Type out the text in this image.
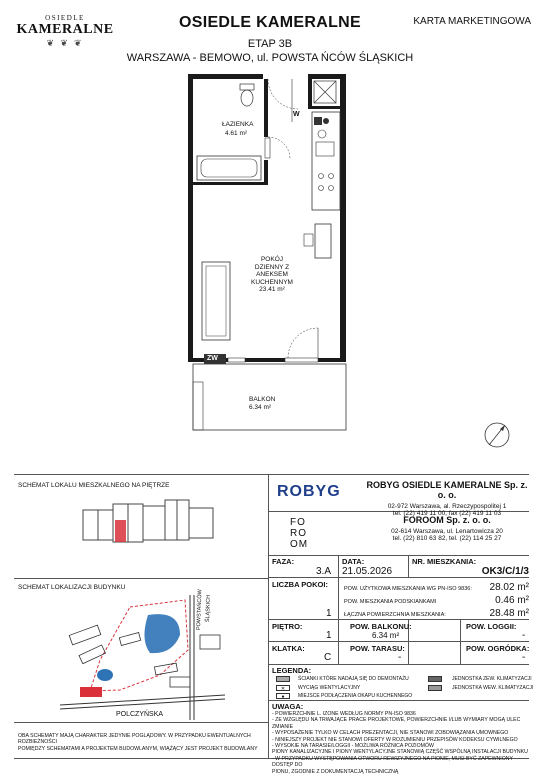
OSIEDLE
KAMERALNE
❦ ❦ ❦
OSIEDLE KAMERALNE
ETAP 3B
WARSZAWA - BEMOWO, ul. POWSTA ŃCÓW ŚLĄSKICH
KARTA MARKETINGOWA
ŁAZIENKA
4.61 m²
POKÓJ DZIENNY Z
ANEKSEM
KUCHENNYM
23.41 m²
BALKON
6.34 m²
W
ZW
SCHEMAT LOKALU MIESZKALNEGO NA PIĘTRZE
SCHEMAT LOKALIZACJI BUDYNKU
POLCZYŃSKA
POWSTAŃCÓW ŚLĄSKICH
OBA SCHEMATY MAJĄ CHARAKTER JEDYNIE POGLĄDOWY. W PRZYPADKU EWENTUALNYCH ROZBIEŻNOŚCI
POMIĘDZY SCHEMATAMI A PROJEKTEM BUDOWLANYM, WIĄŻĄCY JEST PROJEKT BUDOWLANY
ROBYG	ROBYG OSIEDLE KAMERALNE Sp. z. o. o.
02-972 Warszawa, al. Rzeczypospolitej 1
tel. (22) 419 11 00, fax (22) 419 11 03
FO
RO
OM
FOROOM Sp. z. o. o.
02-614 Warszawa, ul. Lenartowicza 20
tel. (22) 810 63 82, tel. (22) 114 25 27
FAZA:
3.A
DATA:
21.05.2026
NR. MIESZKANIA:
OK3/C/1/3
LICZBA POKOI:
1
POW. UŻYTKOWA MIESZKANIA WG PN-ISO 9836: 28.02 m²
POW. MIESZKANIA PODSKIANKAMI	0.46 m²
ŁĄCZNA POWIERZCHNIA MIESZKANIA:	28.48 m²
PIĘTRO:
1
POW. BALKONU:
6.34 m²
POW. LOGGII:
-
KLATKA:
C
POW. TARASU:
-
POW. OGRÓDKA:
-
LEGENDA:
ŚCIANKI KTÓRE NADAJĄ SIĘ DO DEMONTAŻU
✕	WYCIĄG WENTYLACYJNY
●	MIEJSCE PODŁĄCZENIA OKAPU KUCHENNEGO
JEDNOSTKA ZEW. KLIMATYZACJI
JEDNOSTKA WEW. KLIMATYZACJI
UWAGA:
- POWIERZCHNIE L. IZONE WEDŁUG NORMY PN-ISO 9836
- ZE WZGLĘDU NA TRWAJĄCE PRACE PROJEKTOWE, POWIERZCHNIE I/LUB WYMIARY MOGĄ ULEC ZMIANIE
- WYPOSAŻENIE TYLKO W CELACH PREZENTACJI, NIE STANOWI ZOBOWIĄZANIA UMOWNEGO
- NINIEJSZY PROJEKT NIE STANOWI OFERTY W ROZUMIENIU PRZEPISÓW KODEKSU CYWILNEGO
- WYSOKIE NA TARASIE/LOGGII - MOŻLIWA RÓŻNICA POZIOMÓW
PIONY KANALIZACYJNE I PIONY WENTYLACYJNE STANOWIĄ CZĘŚĆ WSPÓLNĄ INSTALACJI BUDYNKU
- W PRZYPADKU WYSTĘPOWANIA OTWORU REWIZYJNEGO NA PIONIE, MUSI BYĆ ZAPEWNIONY DOSTĘP DO
PIONU, ZGODNIE Z DOKUMENTACJĄ TECHNICZNĄ
